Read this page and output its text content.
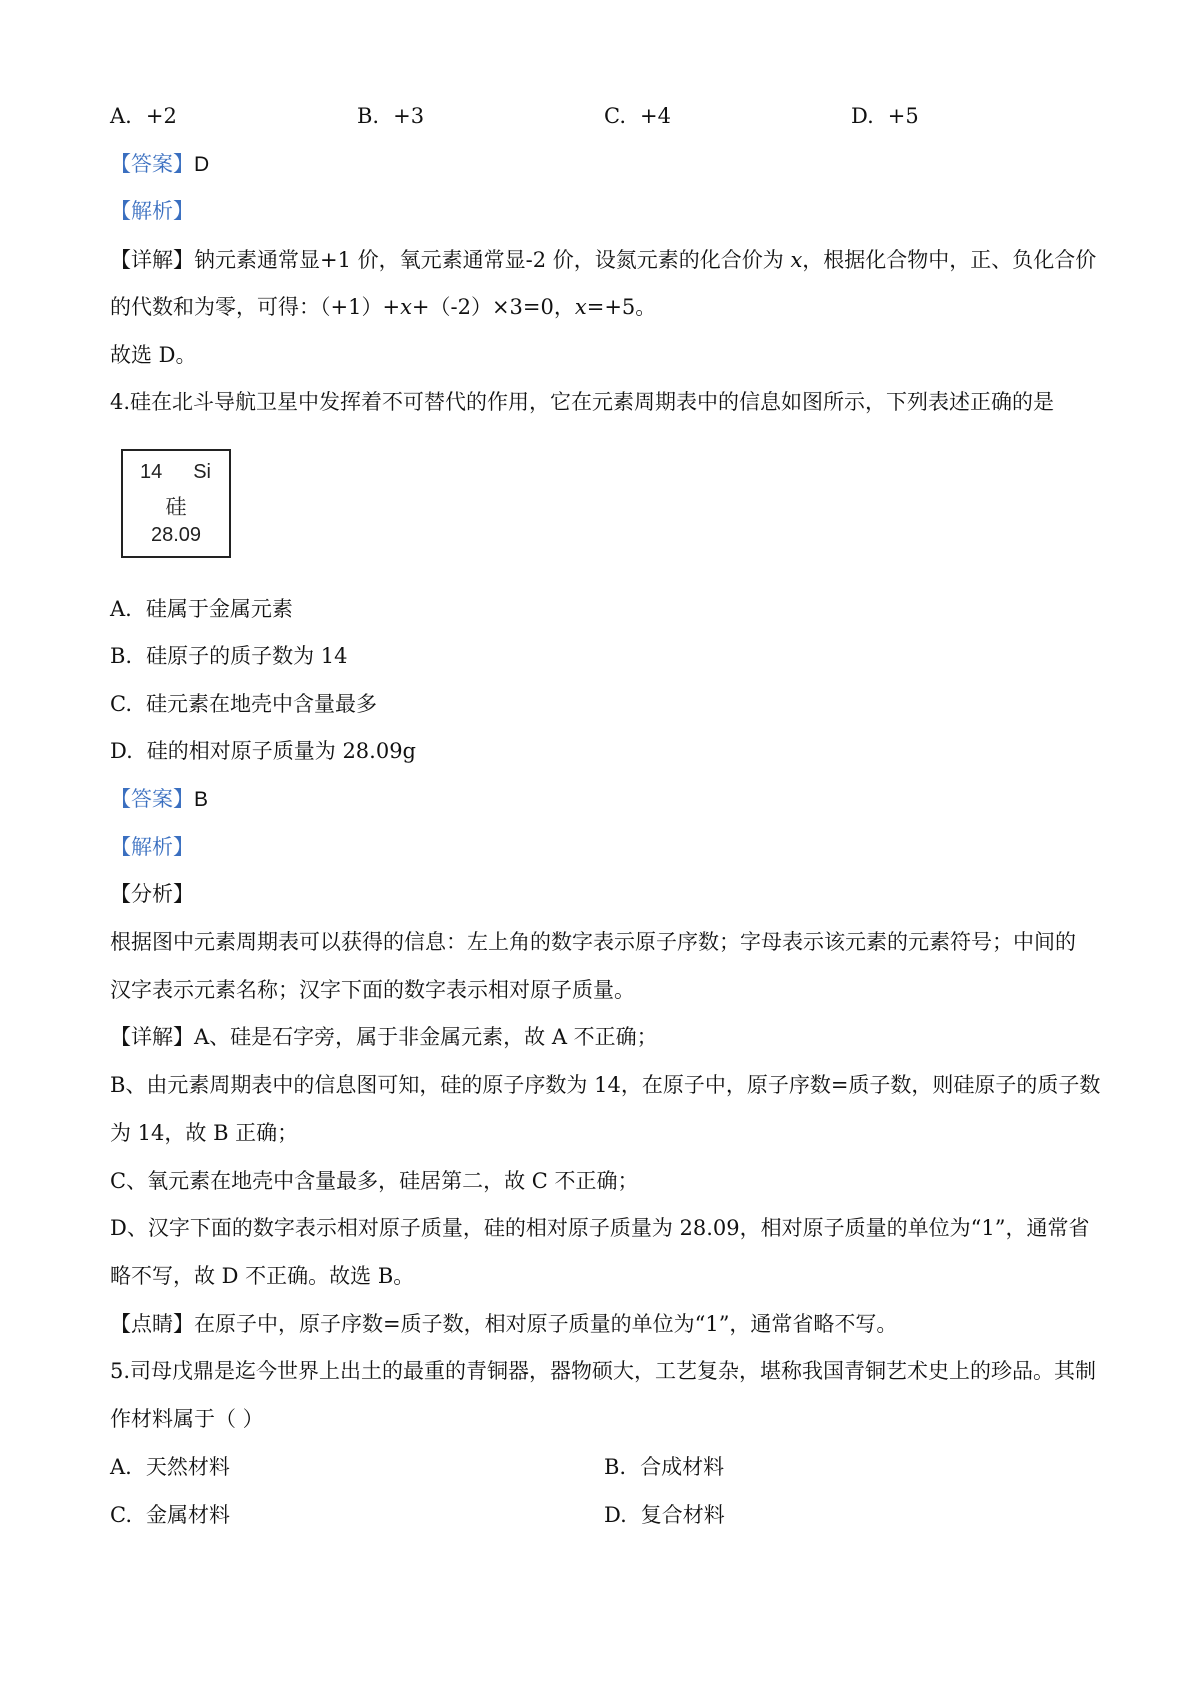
A. +2	B. +3	C. +4	D. +5
【答案】D
【解析】
【详解】钠元素通常显+1 价，氧元素通常显-2 价，设氮元素的化合价为 x，根据化合物中，正、负化合价
的代数和为零，可得：（+1）+x+（-2）×3=0，x=+5。
故选 D。
4.硅在北斗导航卫星中发挥着不可替代的作用，它在元素周期表中的信息如图所示，下列表述正确的是
14 Si
硅
28.09
A. 硅属于金属元素
B. 硅原子的质子数为 14
C. 硅元素在地壳中含量最多
D. 硅的相对原子质量为 28.09g
【答案】B
【解析】
【分析】
根据图中元素周期表可以获得的信息：左上角的数字表示原子序数；字母表示该元素的元素符号；中间的
汉字表示元素名称；汉字下面的数字表示相对原子质量。
【详解】A、硅是石字旁，属于非金属元素，故 A 不正确；
B、由元素周期表中的信息图可知，硅的原子序数为 14，在原子中，原子序数=质子数，则硅原子的质子数
为 14，故 B 正确；
C、氧元素在地壳中含量最多，硅居第二，故 C 不正确；
D、汉字下面的数字表示相对原子质量，硅的相对原子质量为 28.09，相对原子质量的单位为“1”，通常省
略不写，故 D 不正确。故选 B。
【点睛】在原子中，原子序数=质子数，相对原子质量的单位为“1”，通常省略不写。
5.司母戊鼎是迄今世界上出土的最重的青铜器，器物硕大，工艺复杂，堪称我国青铜艺术史上的珍品。其制
作材料属于（ ）
A. 天然材料	B. 合成材料
C. 金属材料	D. 复合材料
